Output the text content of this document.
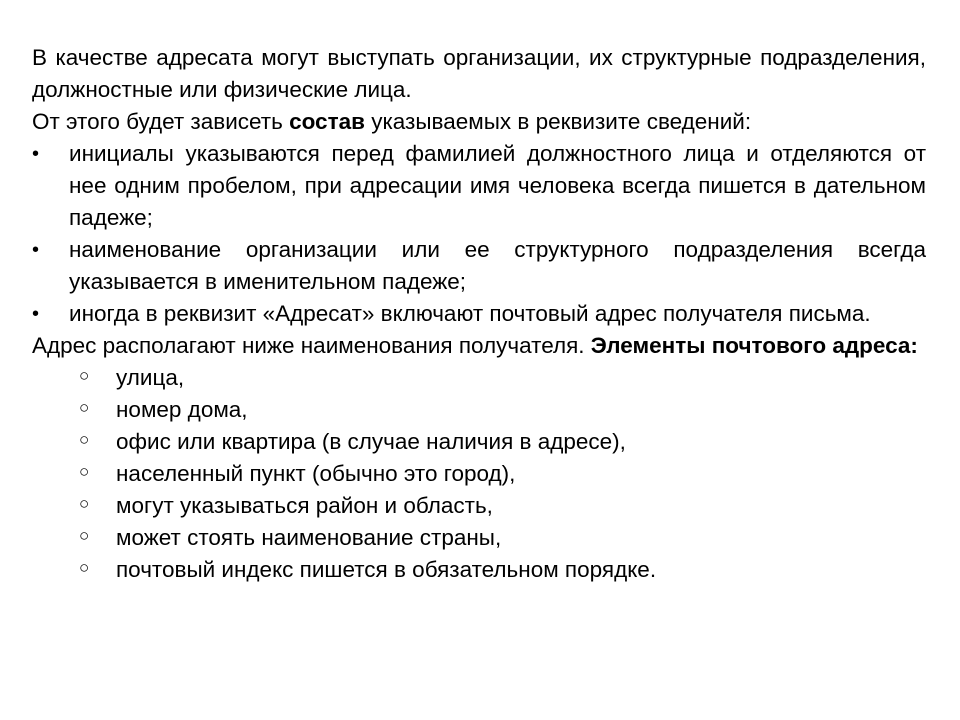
В качестве адресата могут выступать организации, их структурные подразделения, должностные или физические лица.

От этого будет зависеть состав указываемых в реквизите сведений:

•	инициалы указываются перед фамилией должностного лица и отделяются от нее одним пробелом, при адресации имя человека всегда пишется в дательном падеже;
•	наименование организации или ее структурного подразделения всегда указывается в именительном падеже;
•	иногда в реквизит «Адресат» включают почтовый адрес получателя письма.

Адрес располагают ниже наименования получателя. Элементы почтового адреса:

○ улица,
○ номер дома,
○ офис или квартира (в случае наличия в адресе),
○ населенный пункт (обычно это город),
○ могут указываться район и область,
○ может стоять наименование страны,
○ почтовый индекс пишется в обязательном порядке.
